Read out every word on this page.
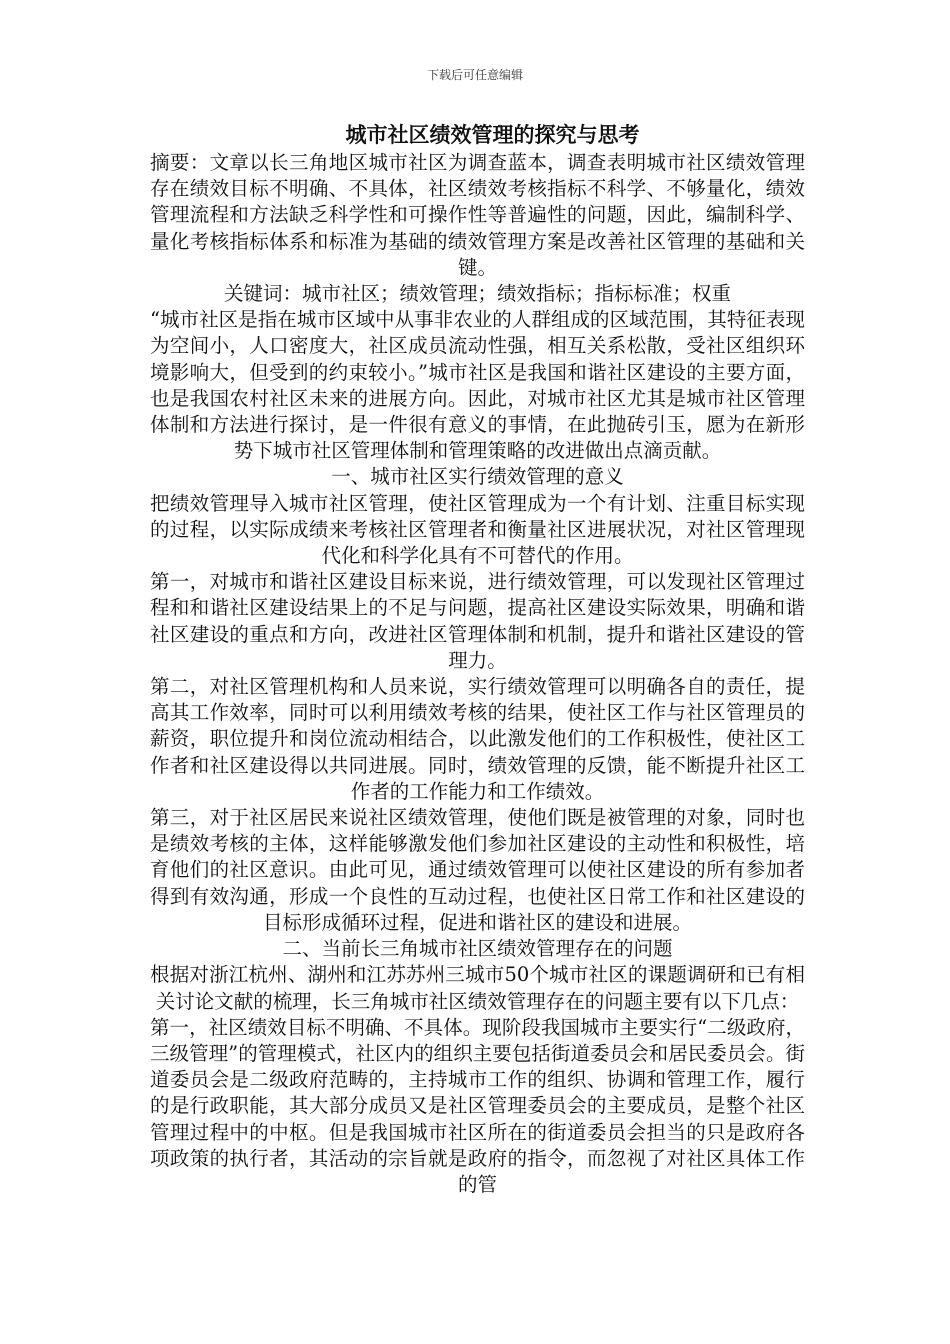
下载后可任意编辑
城市社区绩效管理的探究与思考

摘要：文章以长三角地区城市社区为调查蓝本，调查表明城市社区绩效管理存在绩效目标不明确、不具体，社区绩效考核指标不科学、不够量化，绩效管理流程和方法缺乏科学性和可操作性等普遍性的问题，因此，编制科学、量化考核指标体系和标准为基础的绩效管理方案是改善社区管理的基础和关键。

关键词：城市社区；绩效管理；绩效指标；指标标准；权重

“城市社区是指在城市区域中从事非农业的人群组成的区域范围，其特征表现为空间小，人口密度大，社区成员流动性强，相互关系松散，受社区组织环境影响大，但受到的约束较小。”城市社区是我国和谐社区建设的主要方面，也是我国农村社区未来的进展方向。因此，对城市社区尤其是城市社区管理体制和方法进行探讨，是一件很有意义的事情，在此抛砖引玉，愿为在新形势下城市社区管理体制和管理策略的改进做出点滴贡献。

一、城市社区实行绩效管理的意义

把绩效管理导入城市社区管理，使社区管理成为一个有计划、注重目标实现的过程，以实际成绩来考核社区管理者和衡量社区进展状况，对社区管理现代化和科学化具有不可替代的作用。

第一，对城市和谐社区建设目标来说，进行绩效管理，可以发现社区管理过程和和谐社区建设结果上的不足与问题，提高社区建设实际效果，明确和谐社区建设的重点和方向，改进社区管理体制和机制，提升和谐社区建设的管理力。

第二，对社区管理机构和人员来说，实行绩效管理可以明确各自的责任，提高其工作效率，同时可以利用绩效考核的结果，使社区工作与社区管理员的薪资，职位提升和岗位流动相结合，以此激发他们的工作积极性，使社区工作者和社区建设得以共同进展。同时，绩效管理的反馈，能不断提升社区工作者的工作能力和工作绩效。

第三，对于社区居民来说社区绩效管理，使他们既是被管理的对象，同时也是绩效考核的主体，这样能够激发他们参加社区建设的主动性和积极性，培育他们的社区意识。由此可见，通过绩效管理可以使社区建设的所有参加者得到有效沟通，形成一个良性的互动过程，也使社区日常工作和社区建设的目标形成循环过程，促进和谐社区的建设和进展。

二、当前长三角城市社区绩效管理存在的问题

根据对浙江杭州、湖州和江苏苏州三城市50个城市社区的课题调研和已有相关讨论文献的梳理，长三角城市社区绩效管理存在的问题主要有以下几点：

第一，社区绩效目标不明确、不具体。现阶段我国城市主要实行“二级政府，三级管理”的管理模式，社区内的组织主要包括街道委员会和居民委员会。街道委员会是二级政府范畴的，主持城市工作的组织、协调和管理工作，履行的是行政职能，其大部分成员又是社区管理委员会的主要成员，是整个社区管理过程中的中枢。但是我国城市社区所在的街道委员会担当的只是政府各项政策的执行者，其活动的宗旨就是政府的指令，而忽视了对社区具体工作的管
